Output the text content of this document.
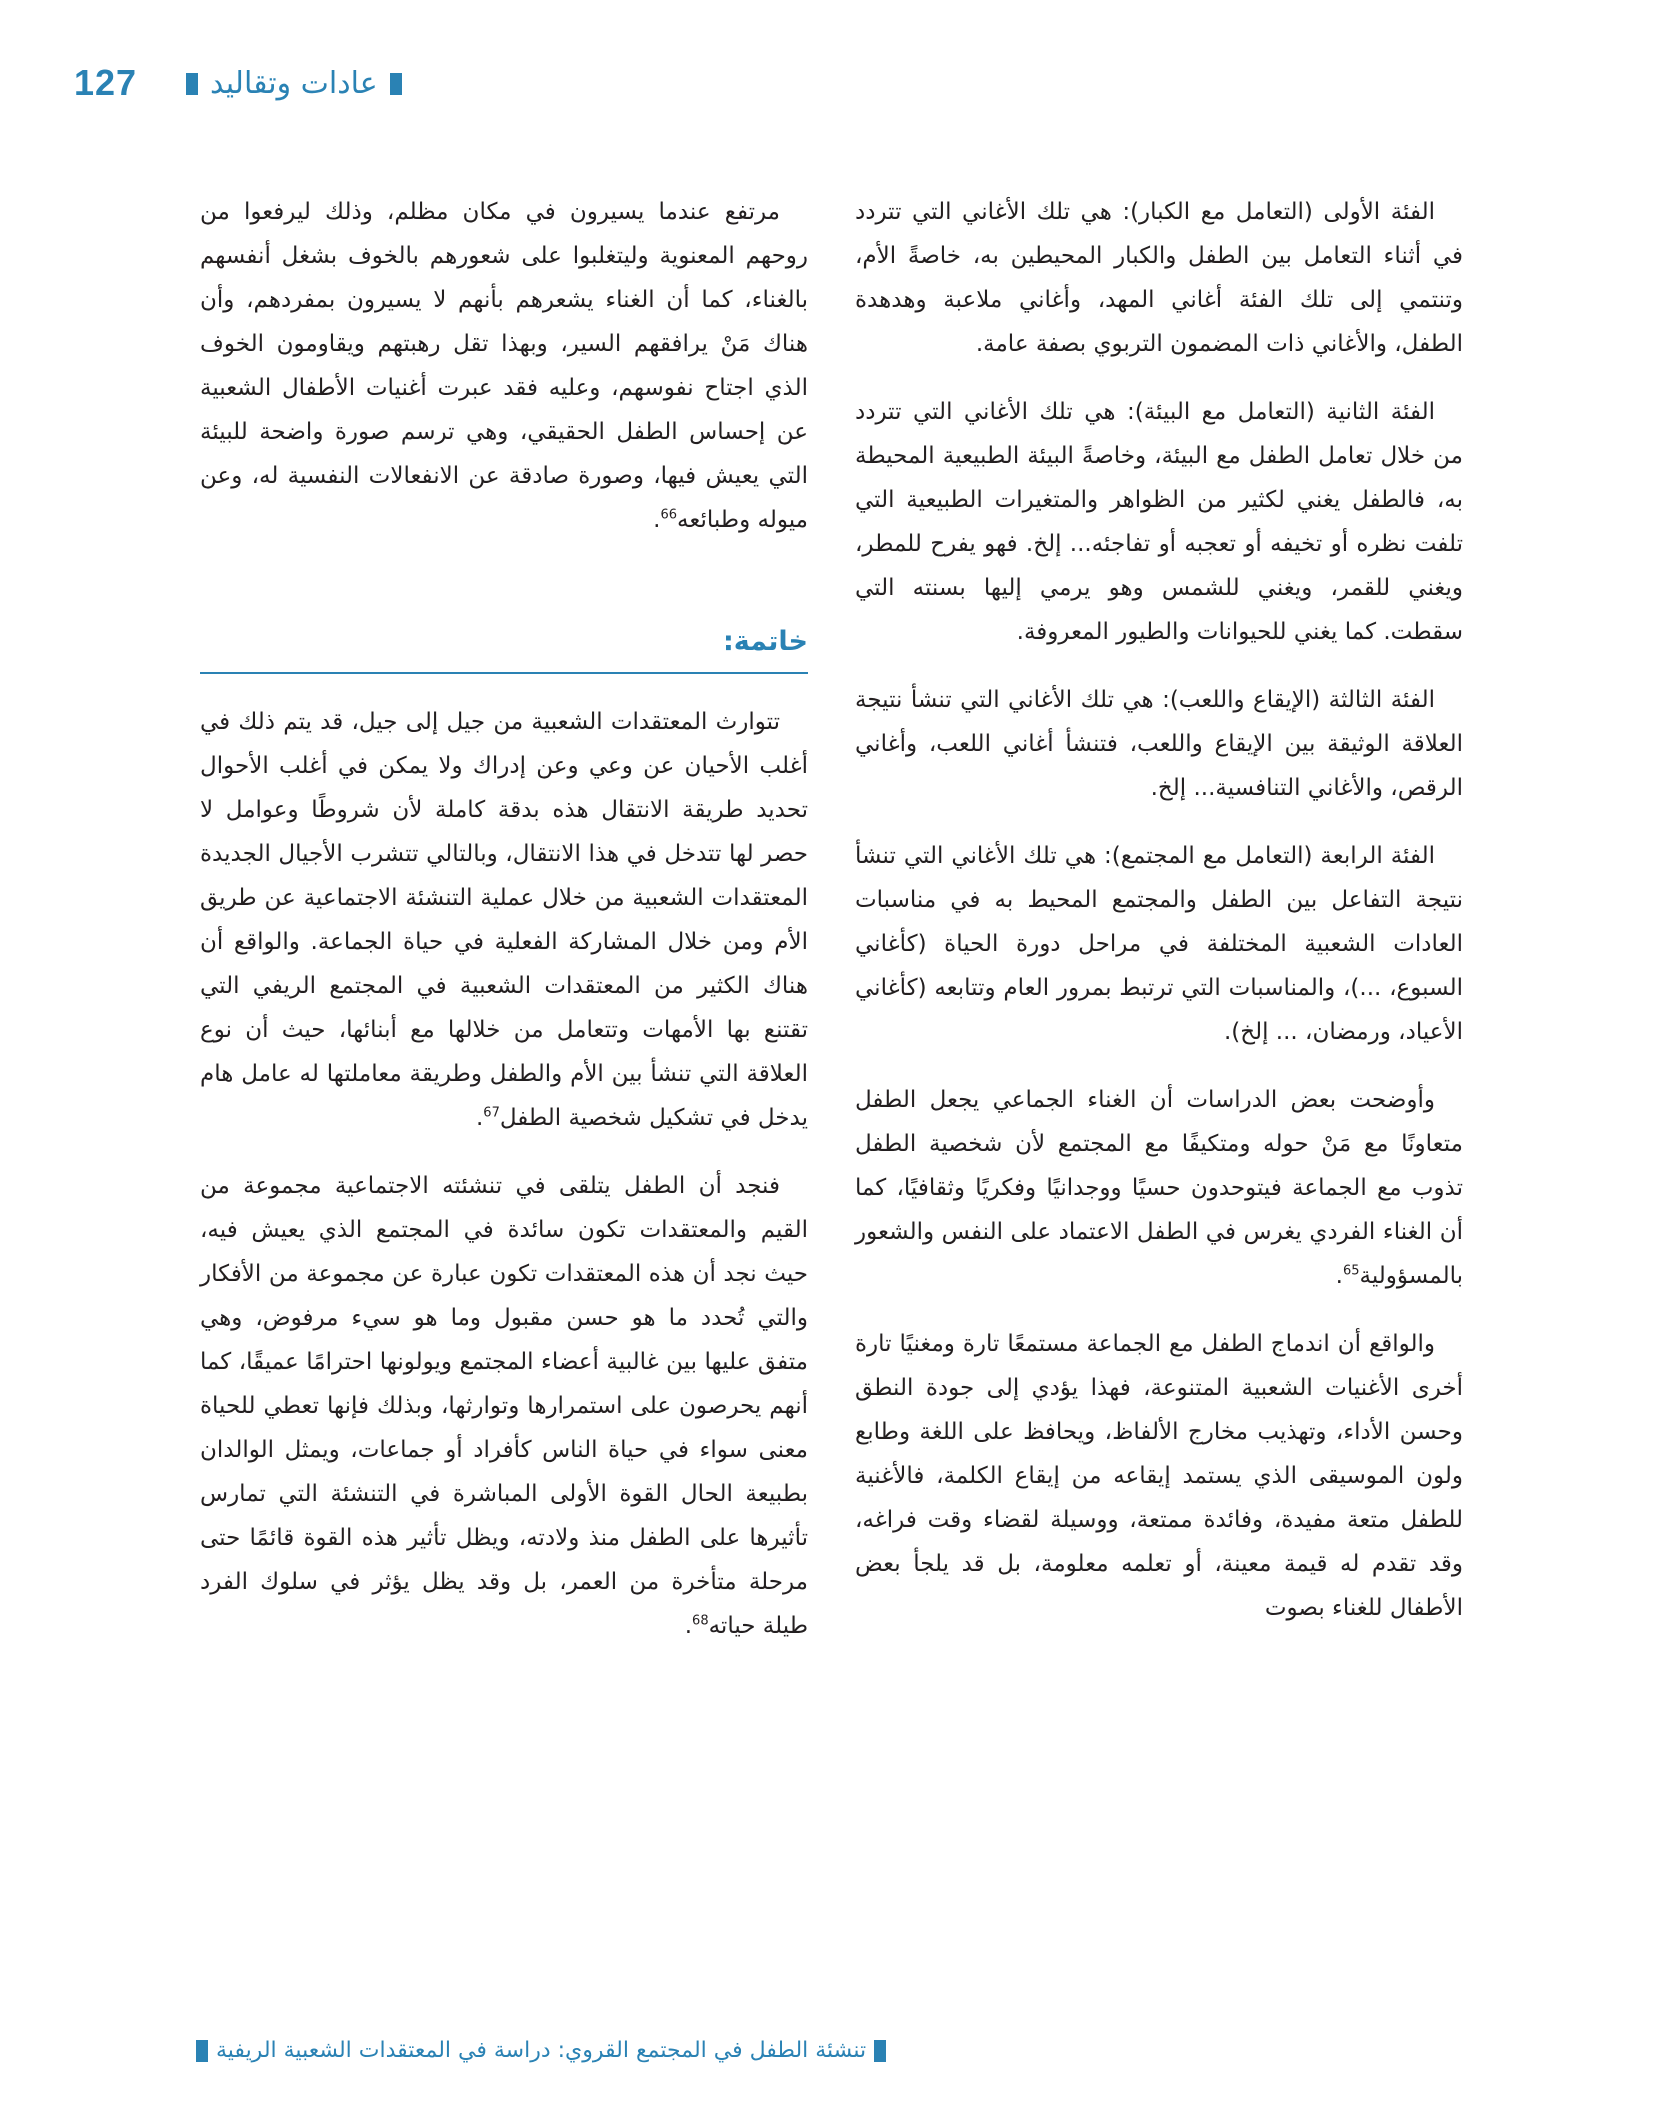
127 عادات وتقاليد

الفئة الأولى (التعامل مع الكبار): هي تلك الأغاني التي تتردد في أثناء التعامل بين الطفل والكبار المحيطين به، خاصةً الأم، وتنتمي إلى تلك الفئة أغاني المهد، وأغاني ملاعبة وهدهدة الطفل، والأغاني ذات المضمون التربوي بصفة عامة.

الفئة الثانية (التعامل مع البيئة): هي تلك الأغاني التي تتردد من خلال تعامل الطفل مع البيئة، وخاصةً البيئة الطبيعية المحيطة به، فالطفل يغني لكثير من الظواهر والمتغيرات الطبيعية التي تلفت نظره أو تخيفه أو تعجبه أو تفاجئه... إلخ. فهو يفرح للمطر، ويغني للقمر، ويغني للشمس وهو يرمي إليها بسنته التي سقطت. كما يغني للحيوانات والطيور المعروفة.

الفئة الثالثة (الإيقاع واللعب): هي تلك الأغاني التي تنشأ نتيجة العلاقة الوثيقة بين الإيقاع واللعب، فتنشأ أغاني اللعب، وأغاني الرقص، والأغاني التنافسية... إلخ.

الفئة الرابعة (التعامل مع المجتمع): هي تلك الأغاني التي تنشأ نتيجة التفاعل بين الطفل والمجتمع المحيط به في مناسبات العادات الشعبية المختلفة في مراحل دورة الحياة (كأغاني السبوع، ...)، والمناسبات التي ترتبط بمرور العام وتتابعه (كأغاني الأعياد، ورمضان، ... إلخ).

وأوضحت بعض الدراسات أن الغناء الجماعي يجعل الطفل متعاونًا مع مَنْ حوله ومتكيفًا مع المجتمع لأن شخصية الطفل تذوب مع الجماعة فيتوحدون حسيًا ووجدانيًا وفكريًا وثقافيًا، كما أن الغناء الفردي يغرس في الطفل الاعتماد على النفس والشعور بالمسؤولية$^{65}$.

والواقع أن اندماج الطفل مع الجماعة مستمعًا تارة ومغنيًا تارة أخرى الأغنيات الشعبية المتنوعة، فهذا يؤدي إلى جودة النطق وحسن الأداء، وتهذيب مخارج الألفاظ، ويحافظ على اللغة وطابع ولون الموسيقى الذي يستمد إيقاعه من إيقاع الكلمة، فالأغنية للطفل متعة مفيدة، وفائدة ممتعة، ووسيلة لقضاء وقت فراغه، وقد تقدم له قيمة معينة، أو تعلمه معلومة، بل قد يلجأ بعض الأطفال للغناء بصوت

مرتفع عندما يسيرون في مكان مظلم، وذلك ليرفعوا من روحهم المعنوية وليتغلبوا على شعورهم بالخوف بشغل أنفسهم بالغناء، كما أن الغناء يشعرهم بأنهم لا يسيرون بمفردهم، وأن هناك مَنْ يرافقهم السير، وبهذا تقل رهبتهم ويقاومون الخوف الذي اجتاح نفوسهم، وعليه فقد عبرت أغنيات الأطفال الشعبية عن إحساس الطفل الحقيقي، وهي ترسم صورة واضحة للبيئة التي يعيش فيها، وصورة صادقة عن الانفعالات النفسية له، وعن ميوله وطبائعه$^{66}$.

خاتمة:

تتوارث المعتقدات الشعبية من جيل إلى جيل، قد يتم ذلك في أغلب الأحيان عن وعي وعن إدراك ولا يمكن في أغلب الأحوال تحديد طريقة الانتقال هذه بدقة كاملة لأن شروطًا وعوامل لا حصر لها تتدخل في هذا الانتقال، وبالتالي تتشرب الأجيال الجديدة المعتقدات الشعبية من خلال عملية التنشئة الاجتماعية عن طريق الأم ومن خلال المشاركة الفعلية في حياة الجماعة. والواقع أن هناك الكثير من المعتقدات الشعبية في المجتمع الريفي التي تقتنع بها الأمهات وتتعامل من خلالها مع أبنائها، حيث أن نوع العلاقة التي تنشأ بين الأم والطفل وطريقة معاملتها له عامل هام يدخل في تشكيل شخصية الطفل$^{67}$.

فنجد أن الطفل يتلقى في تنشئته الاجتماعية مجموعة من القيم والمعتقدات تكون سائدة في المجتمع الذي يعيش فيه، حيث نجد أن هذه المعتقدات تكون عبارة عن مجموعة من الأفكار والتي تُحدد ما هو حسن مقبول وما هو سيء مرفوض، وهي متفق عليها بين غالبية أعضاء المجتمع ويولونها احترامًا عميقًا، كما أنهم يحرصون على استمرارها وتوارثها، وبذلك فإنها تعطي للحياة معنى سواء في حياة الناس كأفراد أو جماعات، ويمثل الوالدان بطبيعة الحال القوة الأولى المباشرة في التنشئة التي تمارس تأثيرها على الطفل منذ ولادته، ويظل تأثير هذه القوة قائمًا حتى مرحلة متأخرة من العمر، بل وقد يظل يؤثر في سلوك الفرد طيلة حياته$^{68}$.

تنشئة الطفل في المجتمع القروي: دراسة في المعتقدات الشعبية الريفية
